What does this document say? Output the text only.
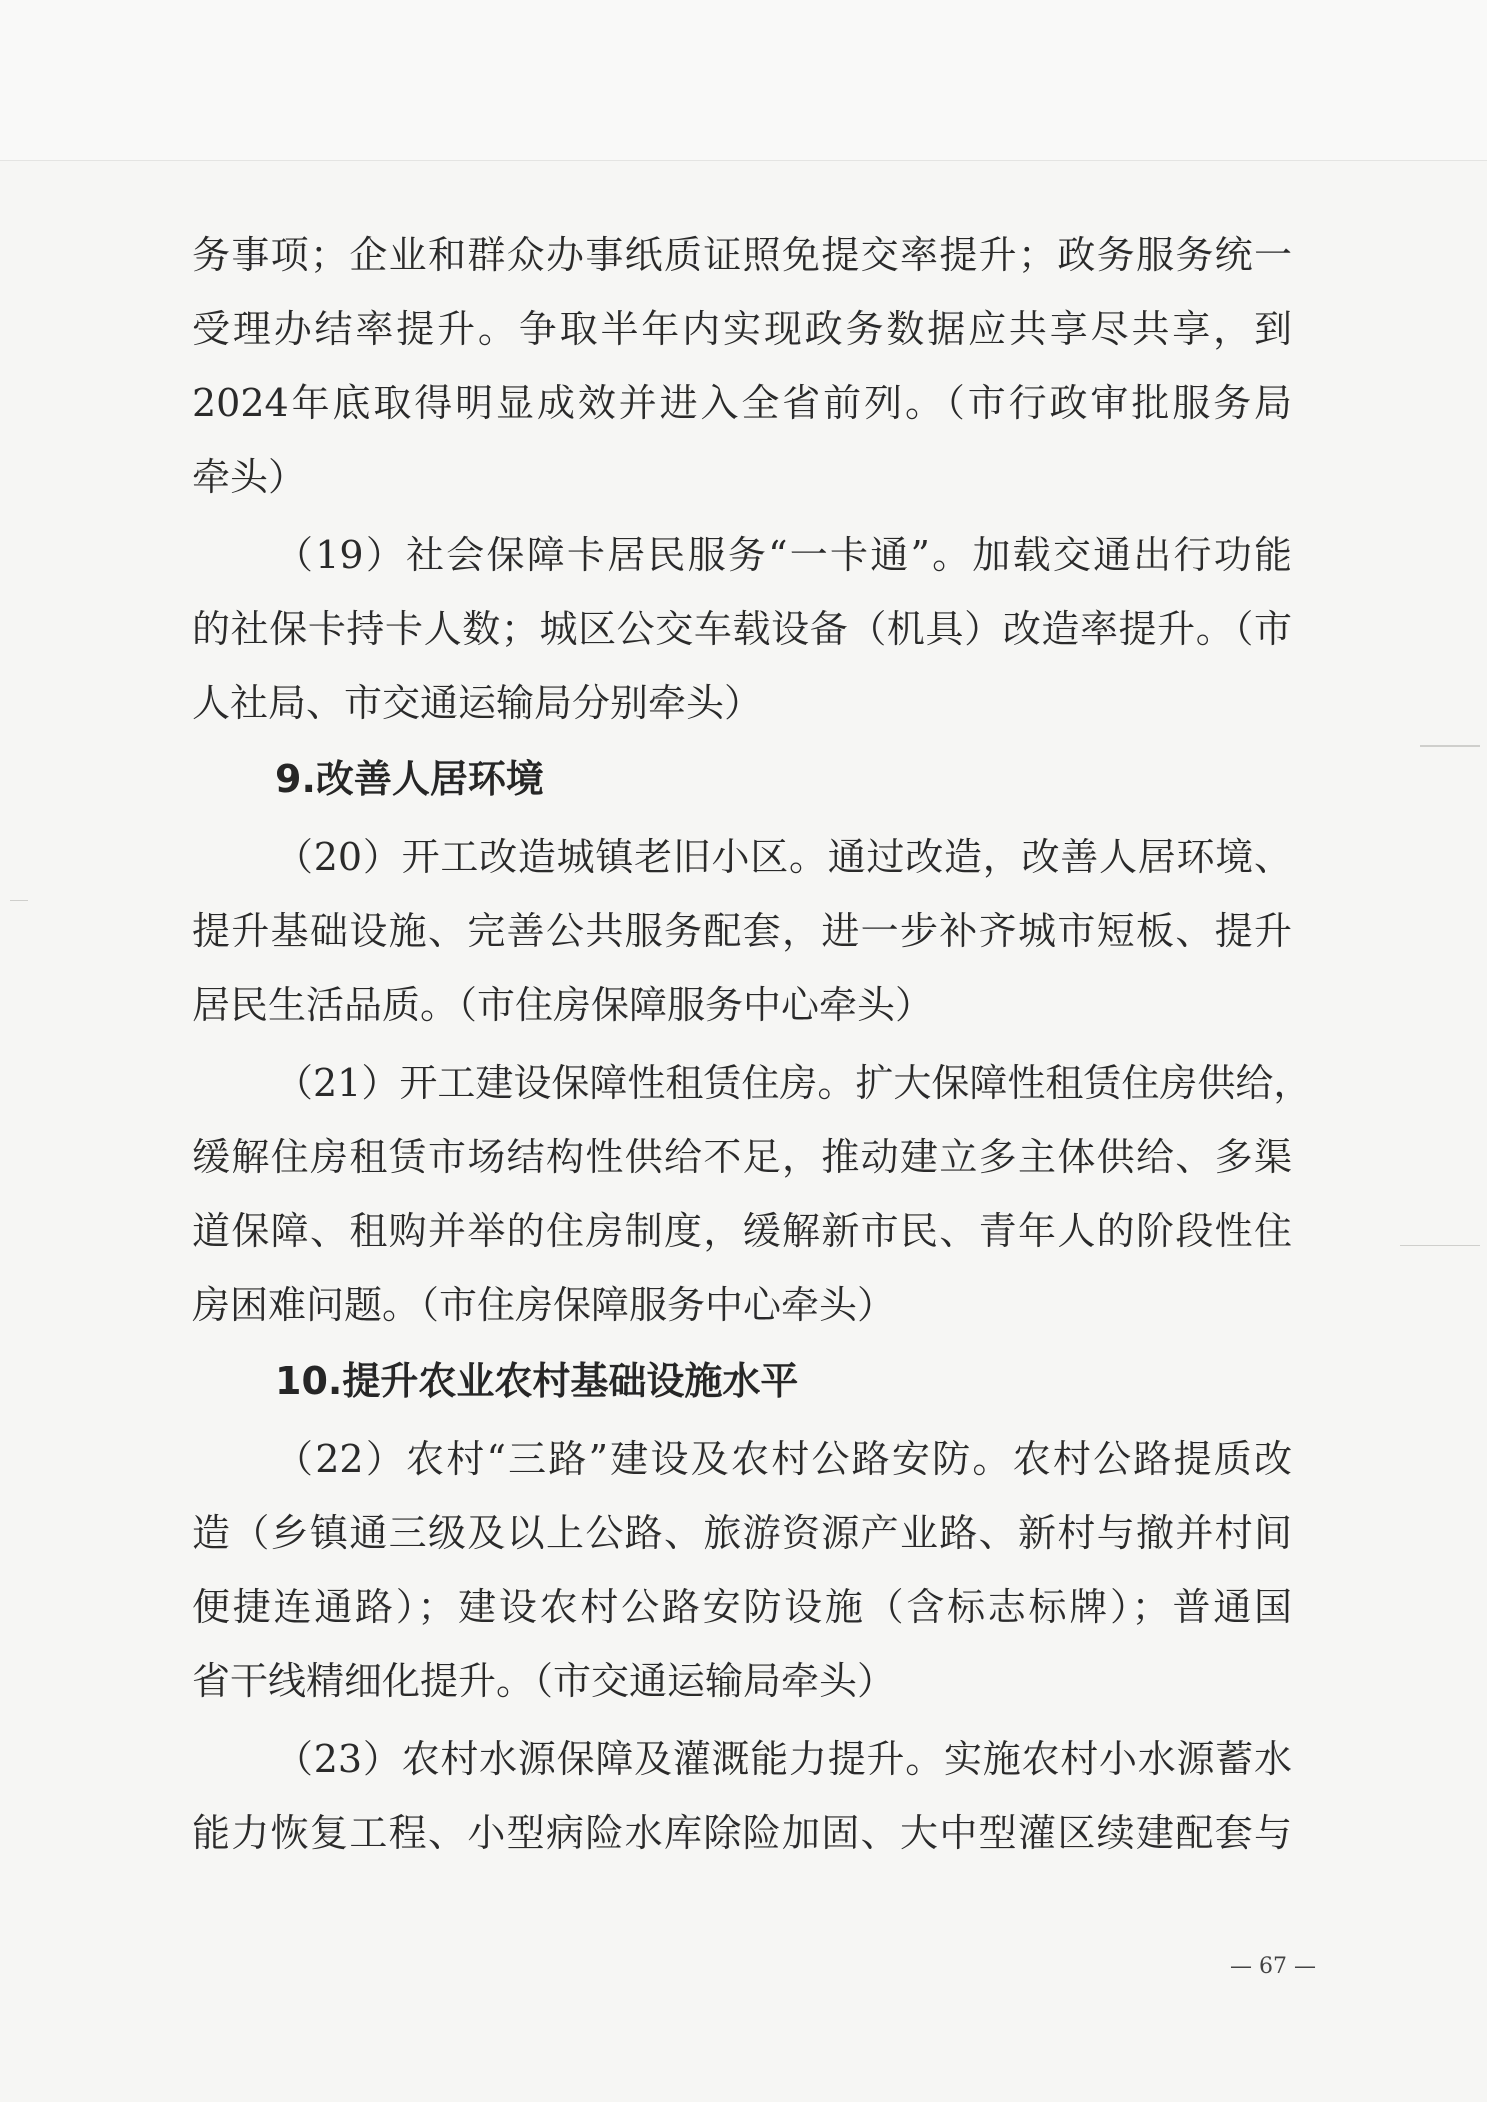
务事项；企业和群众办事纸质证照免提交率提升；政务服务统一
受理办结率提升。争取半年内实现政务数据应共享尽共享，到
2024年底取得明显成效并进入全省前列。（市行政审批服务局
牵头）
（19）社会保障卡居民服务“一卡通”。加载交通出行功能
的社保卡持卡人数；城区公交车载设备（机具）改造率提升。（市
人社局、市交通运输局分别牵头）
9.改善人居环境
（20）开工改造城镇老旧小区。通过改造，改善人居环境、
提升基础设施、完善公共服务配套，进一步补齐城市短板、提升
居民生活品质。（市住房保障服务中心牵头）
（21）开工建设保障性租赁住房。扩大保障性租赁住房供给，
缓解住房租赁市场结构性供给不足，推动建立多主体供给、多渠
道保障、租购并举的住房制度，缓解新市民、青年人的阶段性住
房困难问题。（市住房保障服务中心牵头）
10.提升农业农村基础设施水平
（22）农村“三路”建设及农村公路安防。农村公路提质改
造（乡镇通三级及以上公路、旅游资源产业路、新村与撤并村间
便捷连通路）；建设农村公路安防设施（含标志标牌）；普通国
省干线精细化提升。（市交通运输局牵头）
（23）农村水源保障及灌溉能力提升。实施农村小水源蓄水
能力恢复工程、小型病险水库除险加固、大中型灌区续建配套与
— 67 —
